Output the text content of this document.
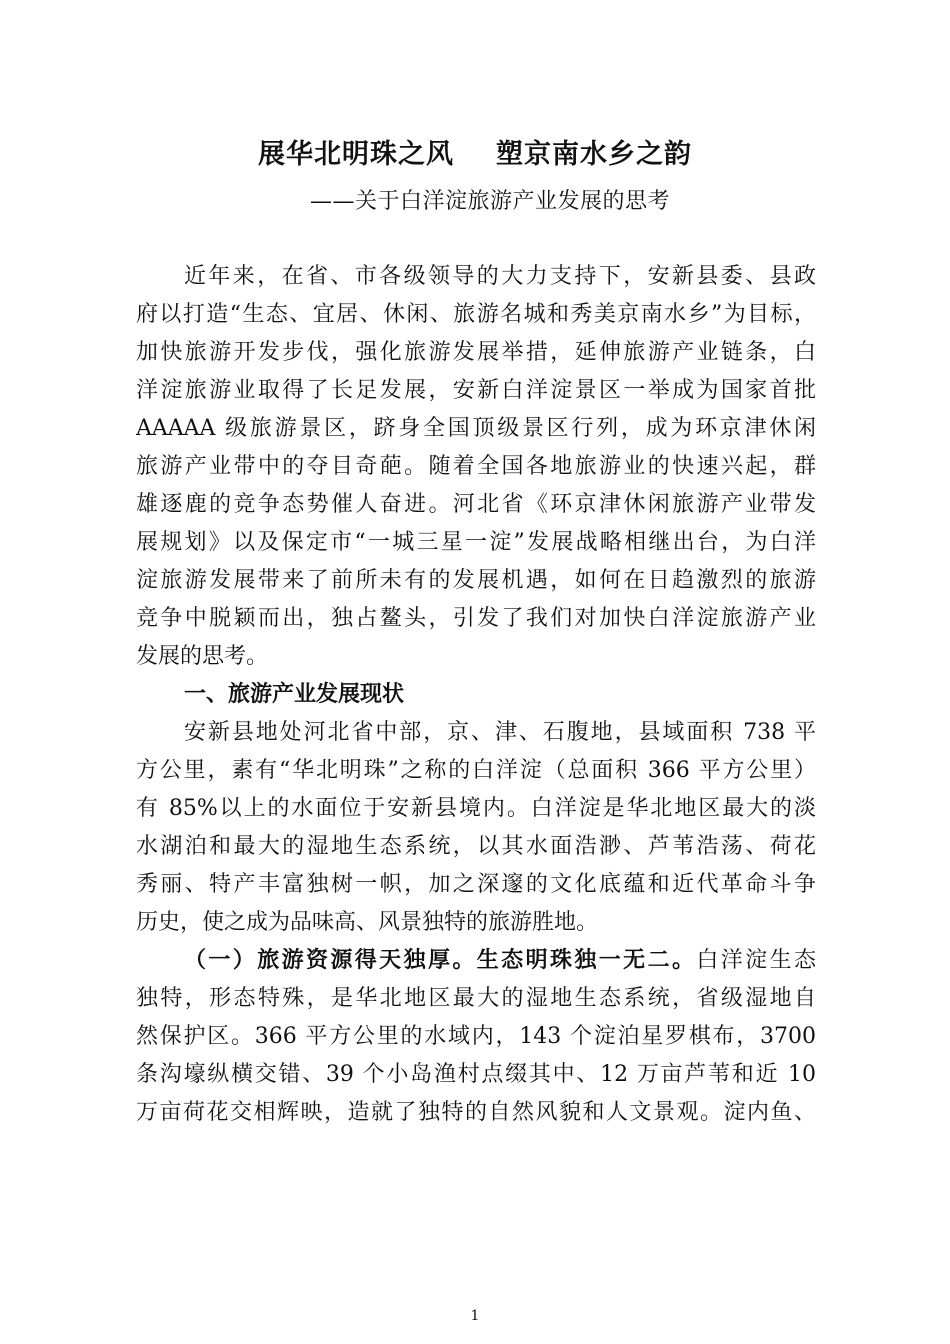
展华北明珠之风 塑京南水乡之韵
——关于白洋淀旅游产业发展的思考
近年来，在省、市各级领导的大力支持下，安新县委、县政
府以打造“生态、宜居、休闲、旅游名城和秀美京南水乡”为目标，
加快旅游开发步伐，强化旅游发展举措，延伸旅游产业链条，白
洋淀旅游业取得了长足发展，安新白洋淀景区一举成为国家首批
AAAAA 级旅游景区，跻身全国顶级景区行列，成为环京津休闲
旅游产业带中的夺目奇葩。随着全国各地旅游业的快速兴起，群
雄逐鹿的竞争态势催人奋进。河北省《环京津休闲旅游产业带发
展规划》以及保定市“一城三星一淀”发展战略相继出台，为白洋
淀旅游发展带来了前所未有的发展机遇，如何在日趋激烈的旅游
竞争中脱颖而出，独占鳌头，引发了我们对加快白洋淀旅游产业
发展的思考。
一、旅游产业发展现状
安新县地处河北省中部，京、津、石腹地，县域面积 738 平
方公里，素有“华北明珠”之称的白洋淀（总面积 366 平方公里）
有 85%以上的水面位于安新县境内。白洋淀是华北地区最大的淡
水湖泊和最大的湿地生态系统，以其水面浩渺、芦苇浩荡、荷花
秀丽、特产丰富独树一帜，加之深邃的文化底蕴和近代革命斗争
历史，使之成为品味高、风景独特的旅游胜地。
（一）旅游资源得天独厚。生态明珠独一无二。白洋淀生态
独特，形态特殊，是华北地区最大的湿地生态系统，省级湿地自
然保护区。366 平方公里的水域内，143 个淀泊星罗棋布，3700
条沟壕纵横交错、39 个小岛渔村点缀其中、12 万亩芦苇和近 10
万亩荷花交相辉映，造就了独特的自然风貌和人文景观。淀内鱼、
1
